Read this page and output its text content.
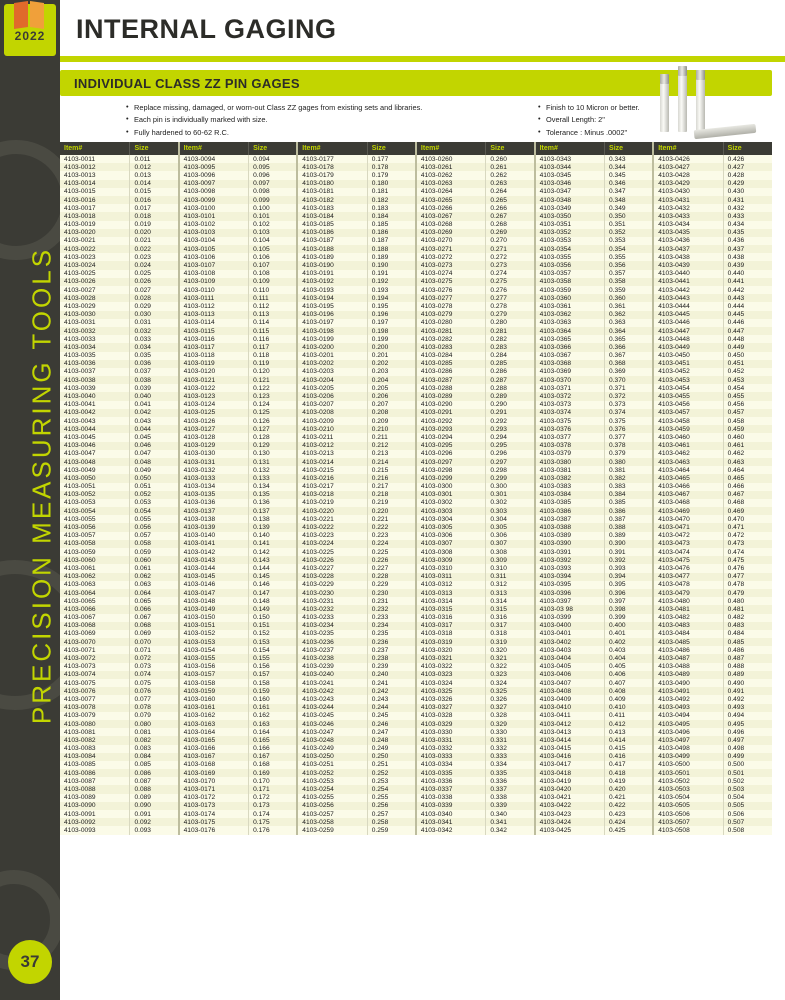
PRECISION MEASURING TOOLS
37
INTERNAL GAGING
2022
INDIVIDUAL CLASS ZZ PIN GAGES
• Replace missing, damaged, or worn-out Class ZZ gages from existing sets and libraries.
• Each pin is individually marked with size.
• Fully hardened to 60-62 R.C.
• Finish to 10 Micron or better.
• Overall Length: 2"
• Tolerance : Minus .0002"
Item#	Size	Item#	Size	Item#	Size	Item#	Size	Item#	Size	Item#	Size
4103-0011	0.011	4103-0094	0.094	4103-0177	0.177	4103-0260	0.260	4103-0343	0.343	4103-0426	0.426
4103-0012	0.012	4103-0095	0.095	4103-0178	0.178	4103-0261	0.261	4103-0344	0.344	4103-0427	0.427
4103-0013	0.013	4103-0096	0.096	4103-0179	0.179	4103-0262	0.262	4103-0345	0.345	4103-0428	0.428
4103-0014	0.014	4103-0097	0.097	4103-0180	0.180	4103-0263	0.263	4103-0346	0.346	4103-0429	0.429
4103-0015	0.015	4103-0098	0.098	4103-0181	0.181	4103-0264	0.264	4103-0347	0.347	4103-0430	0.430
4103-0016	0.016	4103-0099	0.099	4103-0182	0.182	4103-0265	0.265	4103-0348	0.348	4103-0431	0.431
4103-0017	0.017	4103-0100	0.100	4103-0183	0.183	4103-0266	0.266	4103-0349	0.349	4103-0432	0.432
4103-0018	0.018	4103-0101	0.101	4103-0184	0.184	4103-0267	0.267	4103-0350	0.350	4103-0433	0.433
4103-0019	0.019	4103-0102	0.102	4103-0185	0.185	4103-0268	0.268	4103-0351	0.351	4103-0434	0.434
4103-0020	0.020	4103-0103	0.103	4103-0186	0.186	4103-0269	0.269	4103-0352	0.352	4103-0435	0.435
4103-0021	0.021	4103-0104	0.104	4103-0187	0.187	4103-0270	0.270	4103-0353	0.353	4103-0436	0.436
4103-0022	0.022	4103-0105	0.105	4103-0188	0.188	4103-0271	0.271	4103-0354	0.354	4103-0437	0.437
4103-0023	0.023	4103-0106	0.106	4103-0189	0.189	4103-0272	0.272	4103-0355	0.355	4103-0438	0.438
4103-0024	0.024	4103-0107	0.107	4103-0190	0.190	4103-0273	0.273	4103-0356	0.356	4103-0439	0.439
4103-0025	0.025	4103-0108	0.108	4103-0191	0.191	4103-0274	0.274	4103-0357	0.357	4103-0440	0.440
4103-0026	0.026	4103-0109	0.109	4103-0192	0.192	4103-0275	0.275	4103-0358	0.358	4103-0441	0.441
4103-0027	0.027	4103-0110	0.110	4103-0193	0.193	4103-0276	0.276	4103-0359	0.359	4103-0442	0.442
4103-0028	0.028	4103-0111	0.111	4103-0194	0.194	4103-0277	0.277	4103-0360	0.360	4103-0443	0.443
4103-0029	0.029	4103-0112	0.112	4103-0195	0.195	4103-0278	0.278	4103-0361	0.361	4103-0444	0.444
4103-0030	0.030	4103-0113	0.113	4103-0196	0.196	4103-0279	0.279	4103-0362	0.362	4103-0445	0.445
4103-0031	0.031	4103-0114	0.114	4103-0197	0.197	4103-0280	0.280	4103-0363	0.363	4103-0446	0.446
4103-0032	0.032	4103-0115	0.115	4103-0198	0.198	4103-0281	0.281	4103-0364	0.364	4103-0447	0.447
4103-0033	0.033	4103-0116	0.116	4103-0199	0.199	4103-0282	0.282	4103-0365	0.365	4103-0448	0.448
4103-0034	0.034	4103-0117	0.117	4103-0200	0.200	4103-0283	0.283	4103-0366	0.366	4103-0449	0.449
4103-0035	0.035	4103-0118	0.118	4103-0201	0.201	4103-0284	0.284	4103-0367	0.367	4103-0450	0.450
4103-0036	0.036	4103-0119	0.119	4103-0202	0.202	4103-0285	0.285	4103-0368	0.368	4103-0451	0.451
4103-0037	0.037	4103-0120	0.120	4103-0203	0.203	4103-0286	0.286	4103-0369	0.369	4103-0452	0.452
4103-0038	0.038	4103-0121	0.121	4103-0204	0.204	4103-0287	0.287	4103-0370	0.370	4103-0453	0.453
4103-0039	0.039	4103-0122	0.122	4103-0205	0.205	4103-0288	0.288	4103-0371	0.371	4103-0454	0.454
4103-0040	0.040	4103-0123	0.123	4103-0206	0.206	4103-0289	0.289	4103-0372	0.372	4103-0455	0.455
4103-0041	0.041	4103-0124	0.124	4103-0207	0.207	4103-0290	0.290	4103-0373	0.373	4103-0456	0.456
4103-0042	0.042	4103-0125	0.125	4103-0208	0.208	4103-0291	0.291	4103-0374	0.374	4103-0457	0.457
4103-0043	0.043	4103-0126	0.126	4103-0209	0.209	4103-0292	0.292	4103-0375	0.375	4103-0458	0.458
4103-0044	0.044	4103-0127	0.127	4103-0210	0.210	4103-0293	0.293	4103-0376	0.376	4103-0459	0.459
4103-0045	0.045	4103-0128	0.128	4103-0211	0.211	4103-0294	0.294	4103-0377	0.377	4103-0460	0.460
4103-0046	0.046	4103-0129	0.129	4103-0212	0.212	4103-0295	0.295	4103-0378	0.378	4103-0461	0.461
4103-0047	0.047	4103-0130	0.130	4103-0213	0.213	4103-0296	0.296	4103-0379	0.379	4103-0462	0.462
4103-0048	0.048	4103-0131	0.131	4103-0214	0.214	4103-0297	0.297	4103-0380	0.380	4103-0463	0.463
4103-0049	0.049	4103-0132	0.132	4103-0215	0.215	4103-0298	0.298	4103-0381	0.381	4103-0464	0.464
4103-0050	0.050	4103-0133	0.133	4103-0216	0.216	4103-0299	0.299	4103-0382	0.382	4103-0465	0.465
4103-0051	0.051	4103-0134	0.134	4103-0217	0.217	4103-0300	0.300	4103-0383	0.383	4103-0466	0.466
4103-0052	0.052	4103-0135	0.135	4103-0218	0.218	4103-0301	0.301	4103-0384	0.384	4103-0467	0.467
4103-0053	0.053	4103-0136	0.136	4103-0219	0.219	4103-0302	0.302	4103-0385	0.385	4103-0468	0.468
4103-0054	0.054	4103-0137	0.137	4103-0220	0.220	4103-0303	0.303	4103-0386	0.386	4103-0469	0.469
4103-0055	0.055	4103-0138	0.138	4103-0221	0.221	4103-0304	0.304	4103-0387	0.387	4103-0470	0.470
4103-0056	0.056	4103-0139	0.139	4103-0222	0.222	4103-0305	0.305	4103-0388	0.388	4103-0471	0.471
4103-0057	0.057	4103-0140	0.140	4103-0223	0.223	4103-0306	0.306	4103-0389	0.389	4103-0472	0.472
4103-0058	0.058	4103-0141	0.141	4103-0224	0.224	4103-0307	0.307	4103-0390	0.390	4103-0473	0.473
4103-0059	0.059	4103-0142	0.142	4103-0225	0.225	4103-0308	0.308	4103-0391	0.391	4103-0474	0.474
4103-0060	0.060	4103-0143	0.143	4103-0226	0.226	4103-0309	0.309	4103-0392	0.392	4103-0475	0.475
4103-0061	0.061	4103-0144	0.144	4103-0227	0.227	4103-0310	0.310	4103-0393	0.393	4103-0476	0.476
4103-0062	0.062	4103-0145	0.145	4103-0228	0.228	4103-0311	0.311	4103-0394	0.394	4103-0477	0.477
4103-0063	0.063	4103-0146	0.146	4103-0229	0.229	4103-0312	0.312	4103-0395	0.395	4103-0478	0.478
4103-0064	0.064	4103-0147	0.147	4103-0230	0.230	4103-0313	0.313	4103-0396	0.396	4103-0479	0.479
4103-0065	0.065	4103-0148	0.148	4103-0231	0.231	4103-0314	0.314	4103-0397	0.397	4103-0480	0.480
4103-0066	0.066	4103-0149	0.149	4103-0232	0.232	4103-0315	0.315	4103-03 98	0.398	4103-0481	0.481
4103-0067	0.067	4103-0150	0.150	4103-0233	0.233	4103-0316	0.316	4103-0399	0.399	4103-0482	0.482
4103-0068	0.068	4103-0151	0.151	4103-0234	0.234	4103-0317	0.317	4103-0400	0.400	4103-0483	0.483
4103-0069	0.069	4103-0152	0.152	4103-0235	0.235	4103-0318	0.318	4103-0401	0.401	4103-0484	0.484
4103-0070	0.070	4103-0153	0.153	4103-0236	0.236	4103-0319	0.319	4103-0402	0.402	4103-0485	0.485
4103-0071	0.071	4103-0154	0.154	4103-0237	0.237	4103-0320	0.320	4103-0403	0.403	4103-0486	0.486
4103-0072	0.072	4103-0155	0.155	4103-0238	0.238	4103-0321	0.321	4103-0404	0.404	4103-0487	0.487
4103-0073	0.073	4103-0156	0.156	4103-0239	0.239	4103-0322	0.322	4103-0405	0.405	4103-0488	0.488
4103-0074	0.074	4103-0157	0.157	4103-0240	0.240	4103-0323	0.323	4103-0406	0.406	4103-0489	0.489
4103-0075	0.075	4103-0158	0.158	4103-0241	0.241	4103-0324	0.324	4103-0407	0.407	4103-0490	0.490
4103-0076	0.076	4103-0159	0.159	4103-0242	0.242	4103-0325	0.325	4103-0408	0.408	4103-0491	0.491
4103-0077	0.077	4103-0160	0.160	4103-0243	0.243	4103-0326	0.326	4103-0409	0.409	4103-0492	0.492
4103-0078	0.078	4103-0161	0.161	4103-0244	0.244	4103-0327	0.327	4103-0410	0.410	4103-0493	0.493
4103-0079	0.079	4103-0162	0.162	4103-0245	0.245	4103-0328	0.328	4103-0411	0.411	4103-0494	0.494
4103-0080	0.080	4103-0163	0.163	4103-0246	0.246	4103-0329	0.329	4103-0412	0.412	4103-0495	0.495
4103-0081	0.081	4103-0164	0.164	4103-0247	0.247	4103-0330	0.330	4103-0413	0.413	4103-0496	0.496
4103-0082	0.082	4103-0165	0.165	4103-0248	0.248	4103-0331	0.331	4103-0414	0.414	4103-0497	0.497
4103-0083	0.083	4103-0166	0.166	4103-0249	0.249	4103-0332	0.332	4103-0415	0.415	4103-0498	0.498
4103-0084	0.084	4103-0167	0.167	4103-0250	0.250	4103-0333	0.333	4103-0416	0.416	4103-0499	0.499
4103-0085	0.085	4103-0168	0.168	4103-0251	0.251	4103-0334	0.334	4103-0417	0.417	4103-0500	0.500
4103-0086	0.086	4103-0169	0.169	4103-0252	0.252	4103-0335	0.335	4103-0418	0.418	4103-0501	0.501
4103-0087	0.087	4103-0170	0.170	4103-0253	0.253	4103-0336	0.336	4103-0419	0.419	4103-0502	0.502
4103-0088	0.088	4103-0171	0.171	4103-0254	0.254	4103-0337	0.337	4103-0420	0.420	4103-0503	0.503
4103-0089	0.089	4103-0172	0.172	4103-0255	0.255	4103-0338	0.338	4103-0421	0.421	4103-0504	0.504
4103-0090	0.090	4103-0173	0.173	4103-0256	0.256	4103-0339	0.339	4103-0422	0.422	4103-0505	0.505
4103-0091	0.091	4103-0174	0.174	4103-0257	0.257	4103-0340	0.340	4103-0423	0.423	4103-0506	0.506
4103-0092	0.092	4103-0175	0.175	4103-0258	0.258	4103-0341	0.341	4103-0424	0.424	4103-0507	0.507
4103-0093	0.093	4103-0176	0.176	4103-0259	0.259	4103-0342	0.342	4103-0425	0.425	4103-0508	0.508
